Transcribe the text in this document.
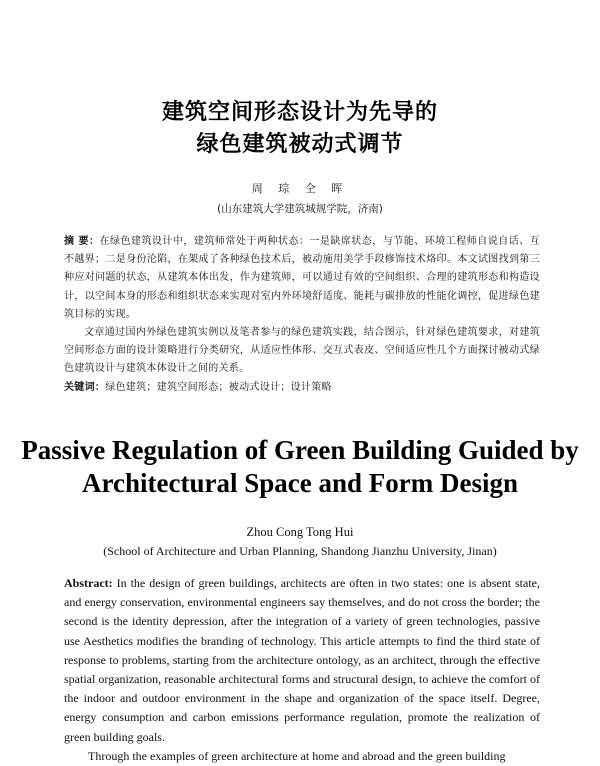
建筑空间形态设计为先导的
绿色建筑被动式调节
周 琮 仝 晖
(山东建筑大学建筑城规学院，济南)

摘 要：在绿色建筑设计中，建筑师常处于两种状态：一是缺席状态，与节能、环境工程师自说自话、互不越界；二是身份沦陷，在架成了各种绿色技术后，被动施用美学手段修饰技术烙印。本文试图找到第三种应对问题的状态，从建筑本体出发，作为建筑师，可以通过有效的空间组织、合理的建筑形态和构造设计，以空间本身的形态和组织状态来实现对室内外环境舒适度、能耗与碳排放的性能化调控，促进绿色建筑目标的实现。

文章通过国内外绿色建筑实例以及笔者参与的绿色建筑实践，结合图示，针对绿色建筑要求，对建筑空间形态方面的设计策略进行分类研究，从适应性体形、交互式表皮、空间适应性几个方面探讨被动式绿色建筑设计与建筑本体设计之间的关系。

关键词：绿色建筑；建筑空间形态；被动式设计；设计策略

Passive Regulation of Green Building Guided by
Architectural Space and Form Design
Zhou Cong Tong Hui
(School of Architecture and Urban Planning, Shandong Jianzhu University, Jinan)

Abstract: In the design of green buildings, architects are often in two states: one is absent state, and energy conservation, environmental engineers say themselves, and do not cross the border; the second is the identity depression, after the integration of a variety of green technologies, passive use Aesthetics modifies the branding of technology. This article attempts to find the third state of response to problems, starting from the architecture ontology, as an architect, through the effective spatial organization, reasonable architectural forms and structural design, to achieve the comfort of the indoor and outdoor environment in the shape and organization of the space itself. Degree, energy consumption and carbon emissions performance regulation, promote the realization of green building goals.

Through the examples of green architecture at home and abroad and the green building
